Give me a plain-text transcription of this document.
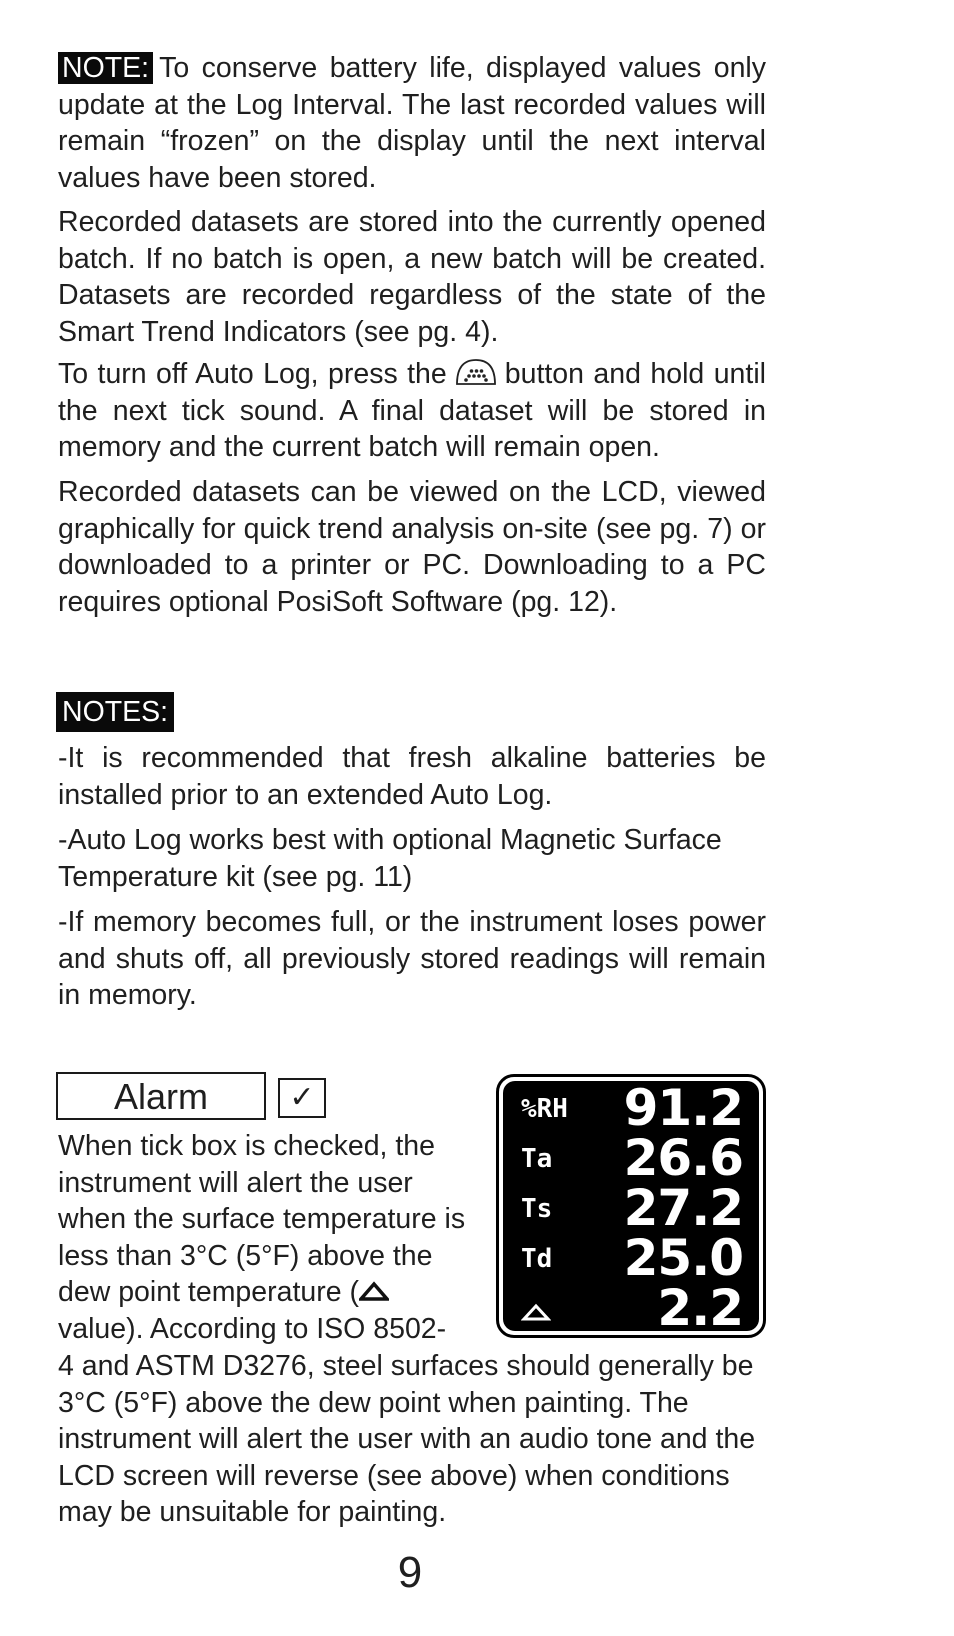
NOTE: To conserve battery life, displayed values only update at the Log Interval. The last recorded values will remain “frozen” on the display until the next interval values have been stored.

Recorded datasets are stored into the currently opened batch. If no batch is open, a new batch will be created. Datasets are recorded regardless of the state of the Smart Trend Indicators (see pg. 4).

To turn off Auto Log, press the button and hold until the next tick sound. A final dataset will be stored in memory and the current batch will remain open.

Recorded datasets can be viewed on the LCD, viewed graphically for quick trend analysis on-site (see pg. 7) or downloaded to a printer or PC. Downloading to a PC requires optional PosiSoft Software (pg. 12).

NOTES:

-It is recommended that fresh alkaline batteries be installed prior to an extended Auto Log.

-Auto Log works best with optional Magnetic Surface Temperature kit (see pg. 11)

-If memory becomes full, or the instrument loses power and shuts off, all previously stored readings will remain in memory.

Alarm	✓	%RH 91.2
Ta 26.6
Ts 27.2
Td 25.0
2.2

When tick box is checked, the instrument will alert the user when the surface temperature is less than 3°C (5°F) above the dew point temperature ( value). According to ISO 8502-

4 and ASTM D3276, steel surfaces should generally be 3°C (5°F) above the dew point when painting. The instrument will alert the user with an audio tone and the LCD screen will reverse (see above) when conditions may be unsuitable for painting.

9
